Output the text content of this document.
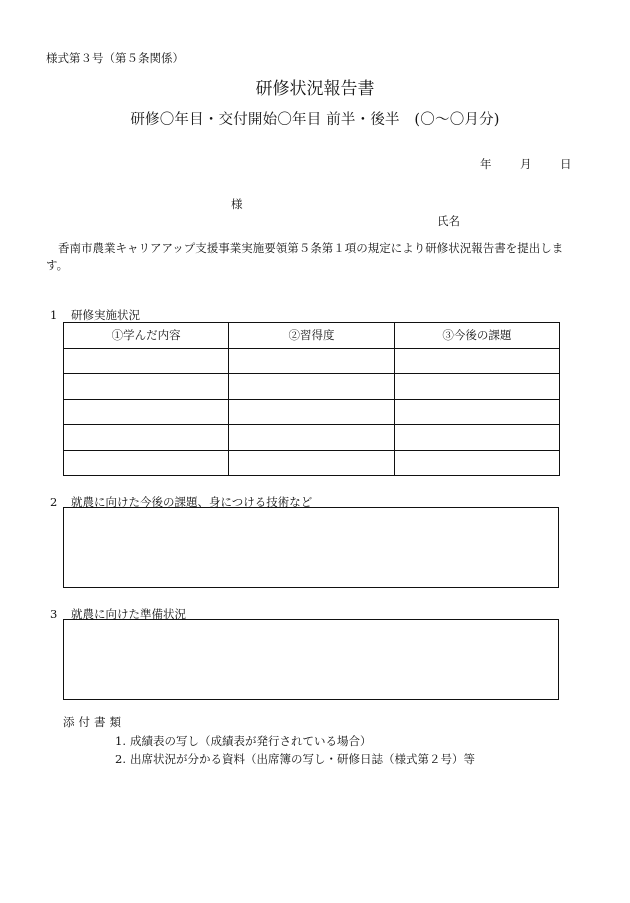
様式第３号（第５条関係）
研修状況報告書
研修〇年目・交付開始〇年目 前半・後半　(〇〜〇月分)
年 月 日
様
氏名
香南市農業キャリアアップ支援事業実施要領第５条第１項の規定により研修状況報告書を提出します。
1 研修実施状況
①学んだ内容	②習得度	③今後の課題

2 就農に向けた今後の課題、身につける技術など
3 就農に向けた準備状況
添付書類
1. 成績表の写し（成績表が発行されている場合）
2. 出席状況が分かる資料（出席簿の写し・研修日誌（様式第２号）等
